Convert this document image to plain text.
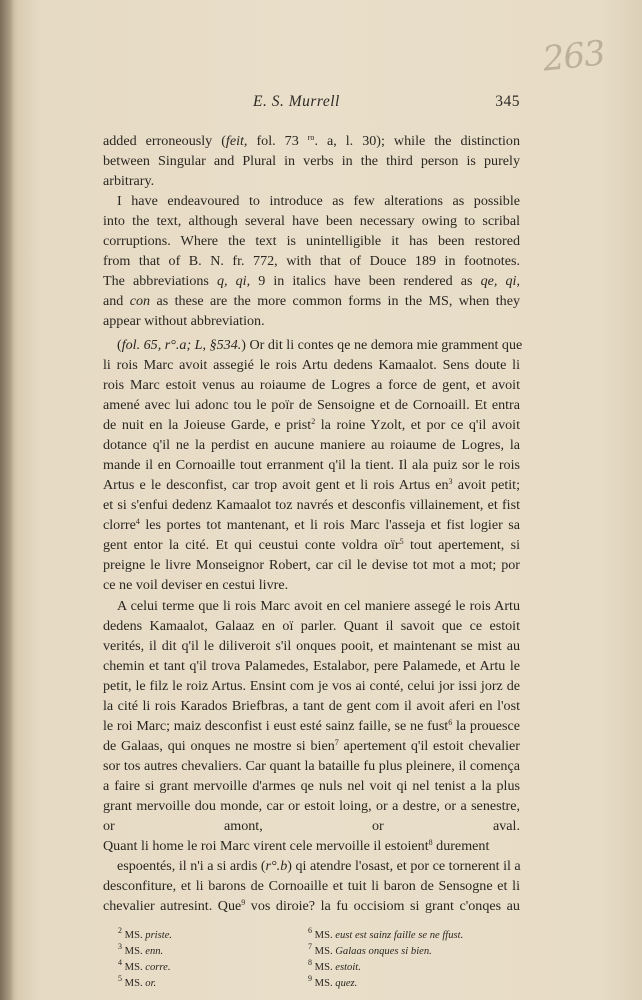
263
E. S. Murrell	345
added erroneously (feit, fol. 73 $^{ro}$. a, l. 30); while the distinction
between Singular and Plural in verbs in the third person is purely
arbitrary.
I have endeavoured to introduce as few alterations as possible
into the text, although several have been necessary owing to scribal
corruptions. Where the text is unintelligible it has been restored
from that of B. N. fr. 772, with that of Douce 189 in footnotes.
The abbreviations q, qi, 9 in italics have been rendered as qe, qi,
and con as these are the more common forms in the MS, when they
appear without abbreviation.
(fol. 65, r°.a; L, §534.) Or dit li contes qe ne demora mie gramment que
li rois Marc avoit assegié le rois Artu dedens Kamaalot. Sens doute li
rois Marc estoit venus au roiaume de Logres a force de gent, et avoit
amené avec lui adonc tou le poïr de Sensoigne et de Cornoaill. Et entra
de nuit en la Joieuse Garde, e prist$^2$ la roine Yzolt, et por ce q'il avoit
dotance q'il ne la perdist en aucune maniere au roiaume de Logres, la
mande il en Cornoaille tout erranment q'il la tient. Il ala puiz sor le rois
Artus e le desconfist, car trop avoit gent et li rois Artus $en^3$ avoit petit;
et si s'enfui dedenz Kamaalot toz navrés et desconfis villainement, et fist
clorre$^4$ les portes tot mantenant, et li rois Marc l'asseja et fist logier sa
gent entor la cité. Et qui ceustui conte voldra oïr$^5$ tout apertement, si
preigne le livre Monseignor Robert, car cil le devise tot mot a mot; por
ce ne voil deviser en cestui livre.
A celui terme que li rois Marc avoit en cel maniere assegé le rois Artu
dedens Kamaalot, Galaaz en oï parler. Quant il savoit que ce estoit
verités, il dit q'il le diliveroit s'il onques pooit, et maintenant se mist au
chemin et tant q'il trova Palamedes, Estalabor, pere Palamede, et Artu le
petit, le filz le roiz Artus. Ensint com je vos ai conté, celui jor issi jorz de
la cité li rois Karados Briefbras, a tant de gent com il avoit aferi en l'ost
le roi Marc; maiz desconfist i eust esté sainz faille, se ne fust$^6$ la prouesce
de Galaas, qui onques ne mostre si bien$^7$ apertement q'il estoit chevalier
sor tos autres chevaliers. Car quant la bataille fu plus pleinere, il començа
a faire si grant mervoille d'armes qe nuls nel voit qi nel tenist a la plus
grant mervoille dou monde, car or estoit loing, or a destre, or a senestre,
or amont, or aval.
Quant li home le roi Marc virent cele mervoille il estoient$^8$ durement
espoentés, il n'i a si ardis (r°.b) qi atendre l'osast, et por ce tornerent il a
desconfiture, et li barons de Cornoaille et tuit li baron de Sensogne et li
chevalier autresint. Que$^9$ vos diroie? la fu occisiom si grant c'onqes au
$^2$ MS. priste.
$^3$ MS. enn.
$^4$ MS. corre.
$^5$ MS. or.
$^6$ MS. eust est sainz faille se ne ffust.
$^7$ MS. Galaas onques si bien.
$^8$ MS. estoit.
$^9$ MS. quez.
